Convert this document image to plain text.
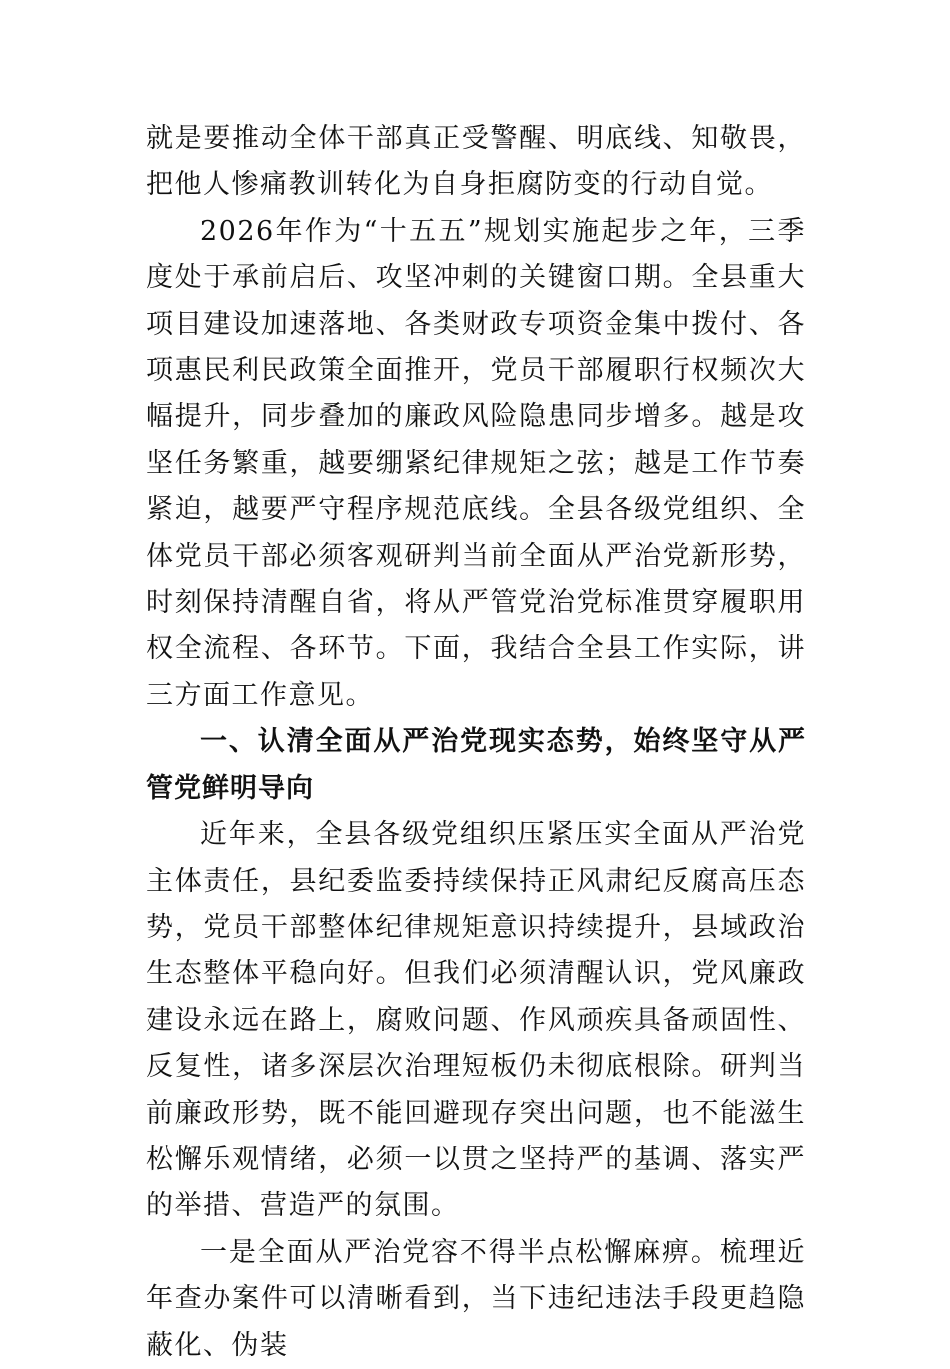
就是要推动全体干部真正受警醒、明底线、知敬畏，把他人惨痛教训转化为自身拒腐防变的行动自觉。

2026年作为“十五五”规划实施起步之年，三季度处于承前启后、攻坚冲刺的关键窗口期。全县重大项目建设加速落地、各类财政专项资金集中拨付、各项惠民利民政策全面推开，党员干部履职行权频次大幅提升，同步叠加的廉政风险隐患同步增多。越是攻坚任务繁重，越要绷紧纪律规矩之弦；越是工作节奏紧迫，越要严守程序规范底线。全县各级党组织、全体党员干部必须客观研判当前全面从严治党新形势，时刻保持清醒自省，将从严管党治党标准贯穿履职用权全流程、各环节。下面，我结合全县工作实际，讲三方面工作意见。

一、认清全面从严治党现实态势，始终坚守从严管党鲜明导向

近年来，全县各级党组织压紧压实全面从严治党主体责任，县纪委监委持续保持正风肃纪反腐高压态势，党员干部整体纪律规矩意识持续提升，县域政治生态整体平稳向好。但我们必须清醒认识，党风廉政建设永远在路上，腐败问题、作风顽疾具备顽固性、反复性，诸多深层次治理短板仍未彻底根除。研判当前廉政形势，既不能回避现存突出问题，也不能滋生松懈乐观情绪，必须一以贯之坚持严的基调、落实严的举措、营造严的氛围。

一是全面从严治党容不得半点松懈麻痹。梳理近年查办案件可以清晰看到，当下违纪违法手段更趋隐蔽化、伪装
